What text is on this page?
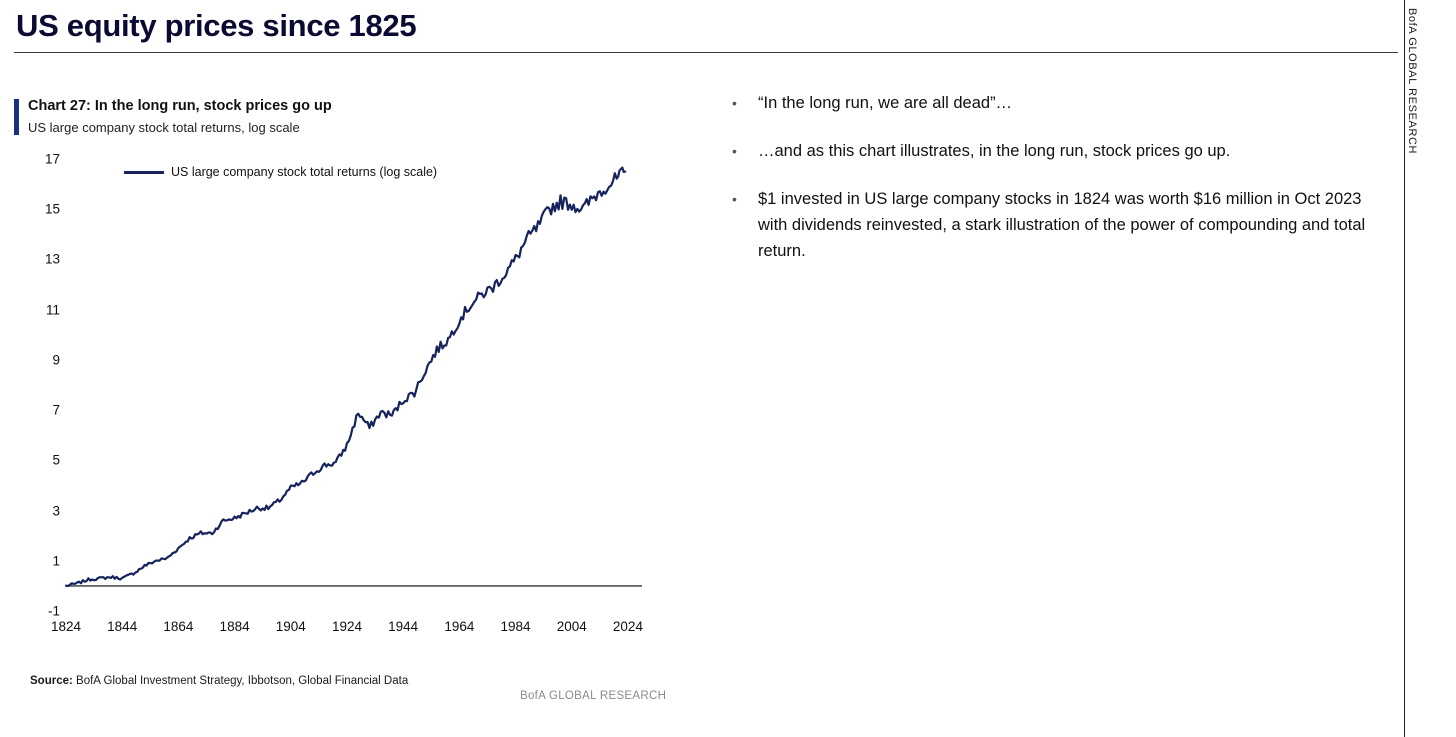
US equity prices since 1825	BofA GLOBAL RESEARCH
Chart 27: In the long run, stock prices go up
US large company stock total returns, log scale
US large company stock total returns (log scale)
17
15
13
11
9
7
5
3
1
-1
1824 1844 1864 1884 1904 1924 1944 1964 1984 2004 2024
Source: BofA Global Investment Strategy, Ibbotson, Global Financial Data
BofA GLOBAL RESEARCH
•	“In the long run, we are all dead”…
•	…and as this chart illustrates, in the long run, stock prices go up.
•	$1 invested in US large company stocks in 1824 was worth $16 million in Oct 2023 with dividends reinvested, a stark illustration of the power of compounding and total return.
